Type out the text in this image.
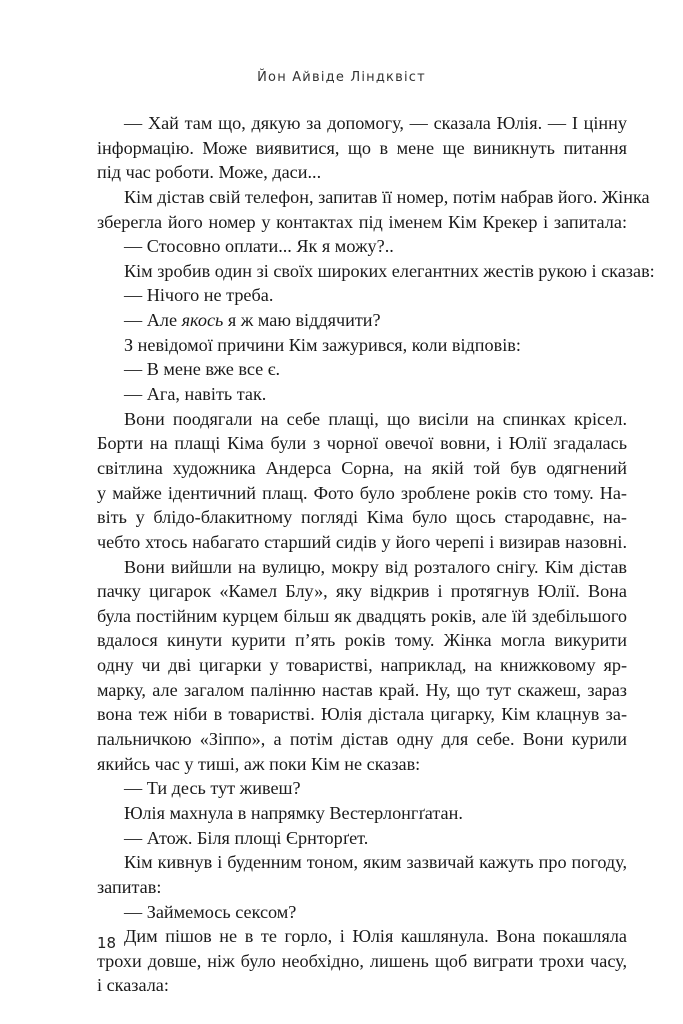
Йон Айвіде Ліндквіст
— Хай там що, дякую за допомогу, — сказала Юлія. — І цінну
інформацію. Може виявитися, що в мене ще виникнуть питання
під час роботи. Може, даси...
Кім дістав свій телефон, запитав її номер, потім набрав його. Жінка
зберегла його номер у контактах під іменем Кім Крекер і запитала:
— Стосовно оплати... Як я можу?..
Кім зробив один зі своїх широких елегантних жестів рукою і сказав:
— Нічого не треба.
— Але якось я ж маю віддячити?
З невідомої причини Кім зажурився, коли відповів:
— В мене вже все є.
— Ага, навіть так.
Вони поодягали на себе плащі, що висіли на спинках крісел.
Борти на плащі Кіма були з чорної овечої вовни, і Юлії згадалась
світлина художника Андерса Сорна, на якій той був одягнений
у майже ідентичний плащ. Фото було зроблене років сто тому. На-
віть у блідо-блакитному погляді Кіма було щось стародавнє, на-
чебто хтось набагато старший сидів у його черепі і визирав назовні.
Вони вийшли на вулицю, мокру від розталого снігу. Кім дістав
пачку цигарок «Камел Блу», яку відкрив і протягнув Юлії. Вона
була постійним курцем більш як двадцять років, але їй здебільшого
вдалося кинути курити п’ять років тому. Жінка могла викурити
одну чи дві цигарки у товаристві, наприклад, на книжковому яр-
марку, але загалом палінню настав край. Ну, що тут скажеш, зараз
вона теж ніби в товаристві. Юлія дістала цигарку, Кім клацнув за-
пальничкою «Зіппо», а потім дістав одну для себе. Вони курили
якийсь час у тиші, аж поки Кім не сказав:
— Ти десь тут живеш?
Юлія махнула в напрямку Вестерлонгґатан.
— Атож. Біля площі Єрнторґет.
Кім кивнув і буденним тоном, яким зазвичай кажуть про погоду,
запитав:
— Займемось сексом?
Дим пішов не в те горло, і Юлія кашлянула. Вона покашляла
трохи довше, ніж було необхідно, лишень щоб виграти трохи часу,
і сказала:
18
